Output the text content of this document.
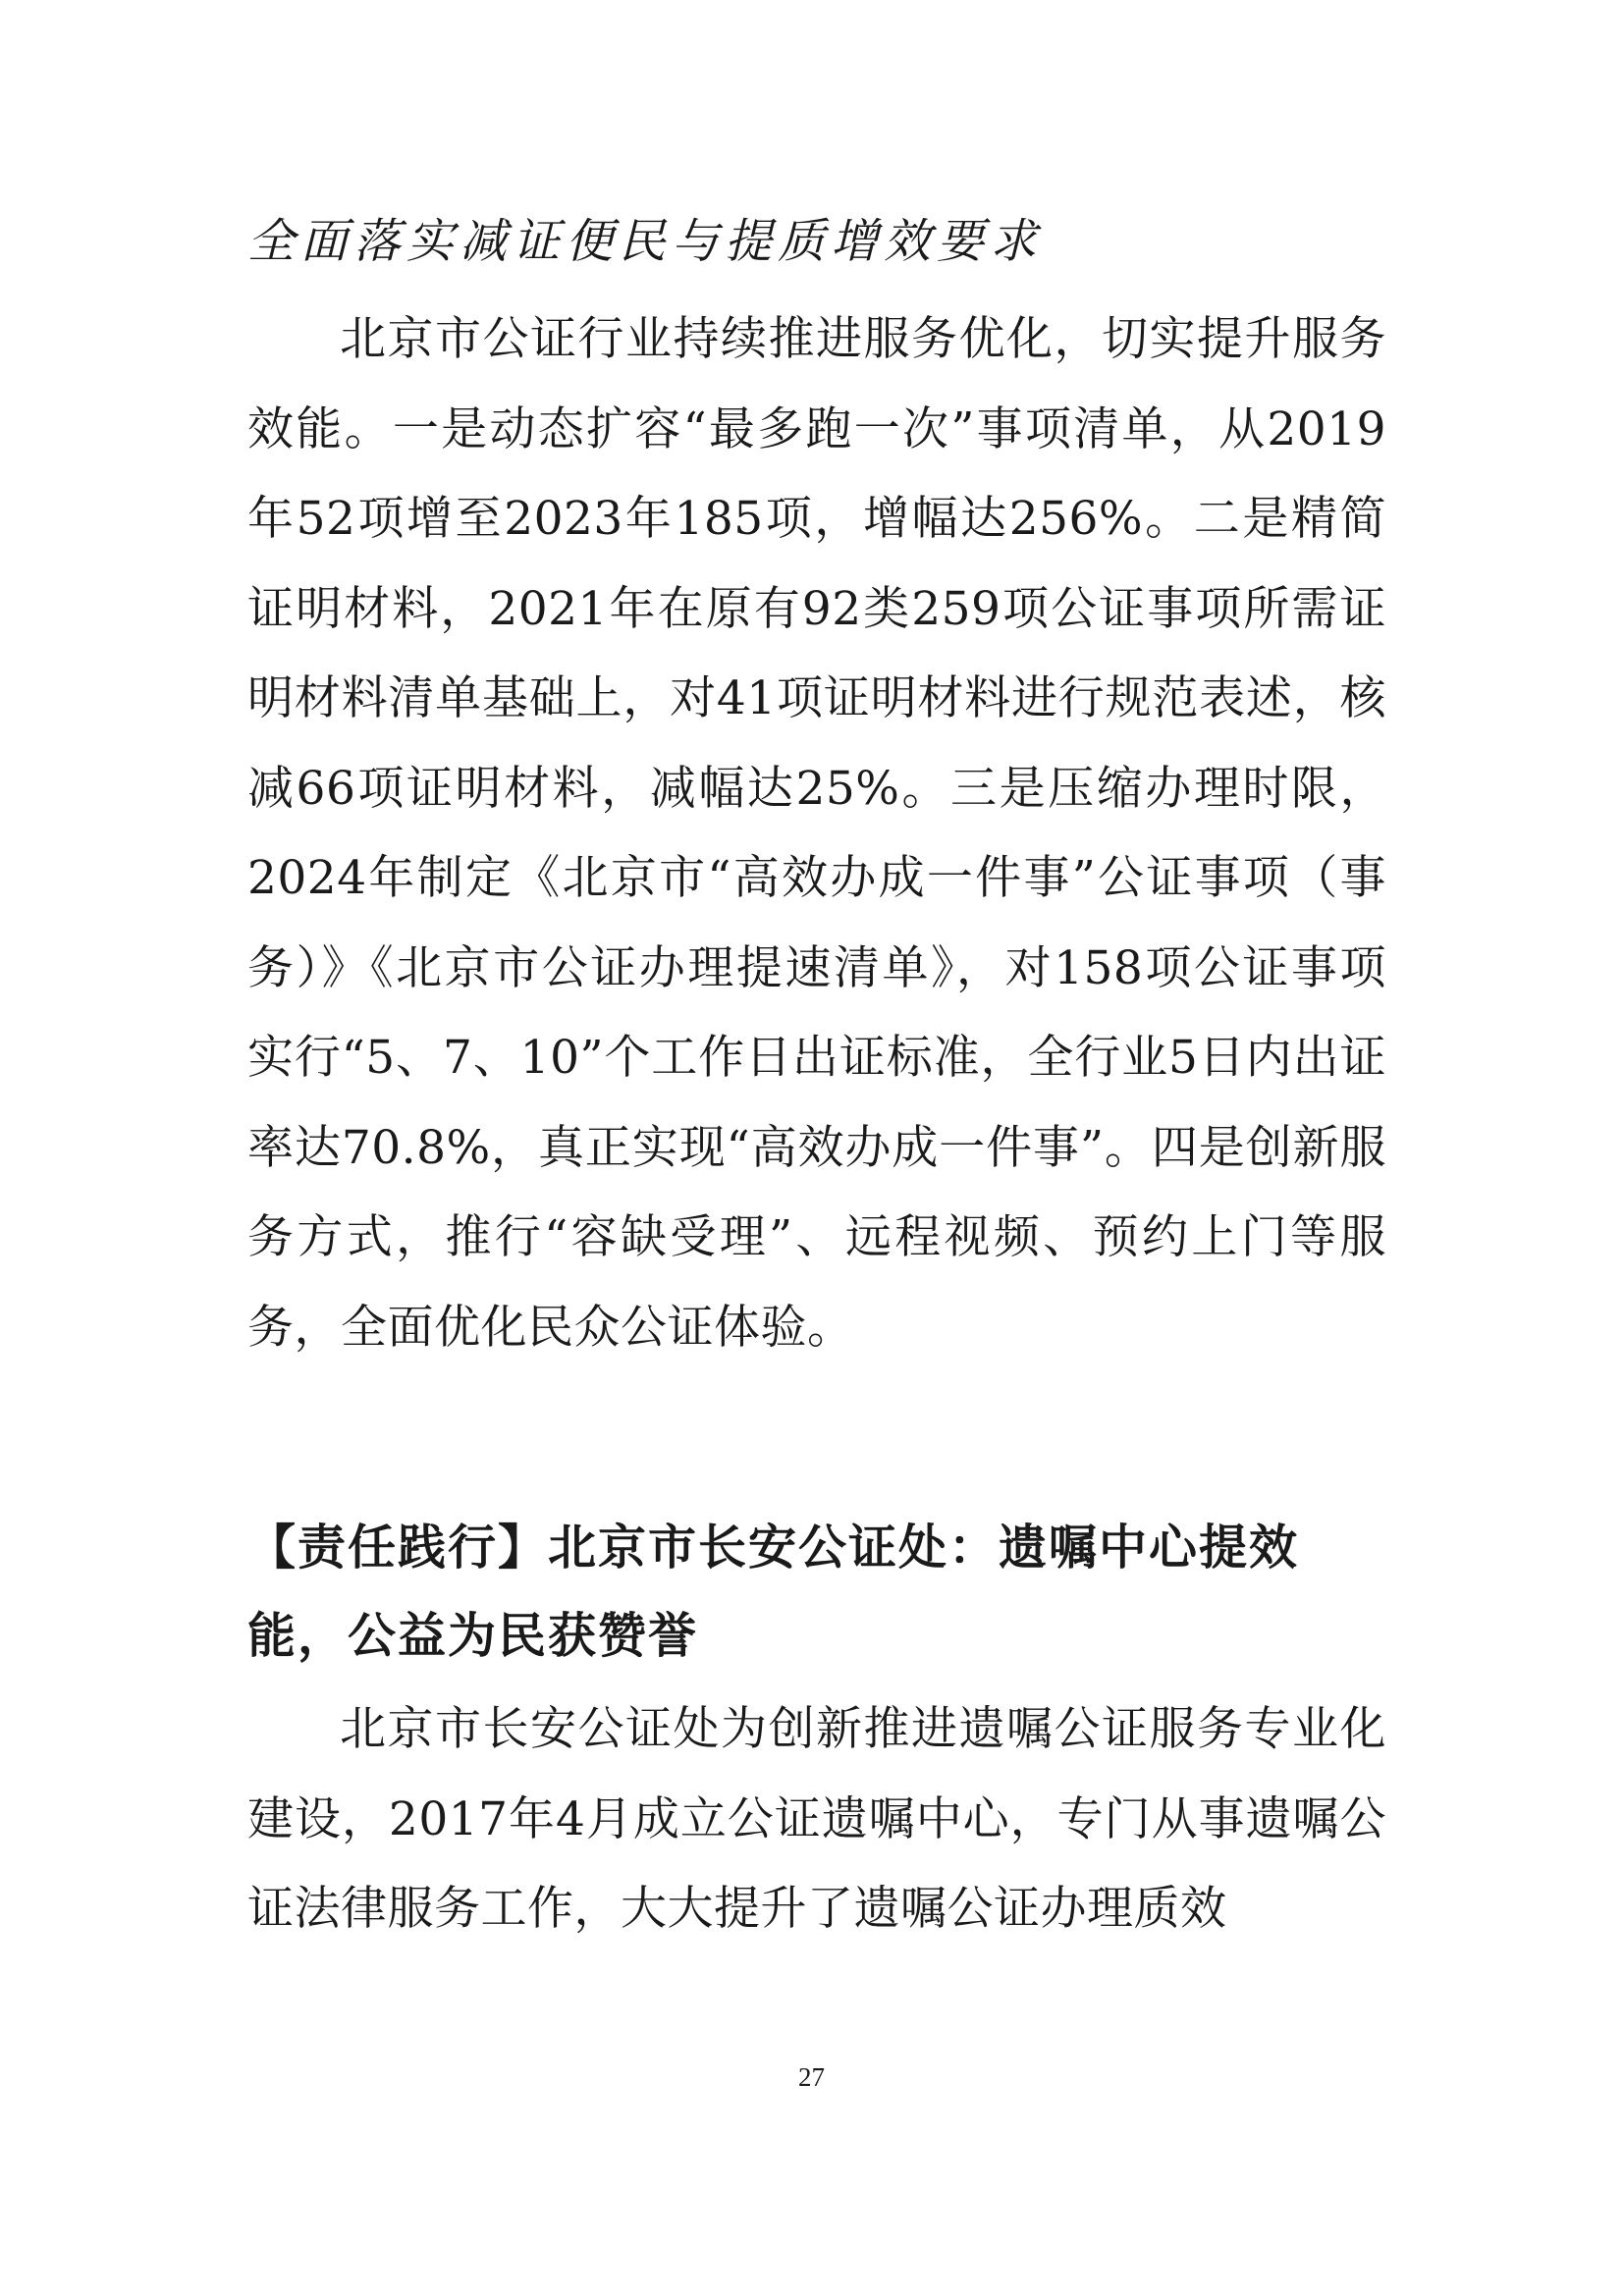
全面落实减证便民与提质增效要求

北京市公证行业持续推进服务优化，切实提升服务效能。一是动态扩容“最多跑一次”事项清单，从2019年52项增至2023年185项，增幅达256%。二是精简证明材料，2021年在原有92类259项公证事项所需证明材料清单基础上，对41项证明材料进行规范表述，核减66项证明材料，减幅达25%。三是压缩办理时限，2024年制定《北京市“高效办成一件事”公证事项（事务）》《北京市公证办理提速清单》，对158项公证事项实行“5、7、10”个工作日出证标准，全行业5日内出证率达70.8%，真正实现“高效办成一件事”。四是创新服务方式，推行“容缺受理”、远程视频、预约上门等服务，全面优化民众公证体验。

【责任践行】北京市长安公证处：遗嘱中心提效能，公益为民获赞誉

北京市长安公证处为创新推进遗嘱公证服务专业化建设，2017年4月成立公证遗嘱中心，专门从事遗嘱公证法律服务工作，大大提升了遗嘱公证办理质效

27
